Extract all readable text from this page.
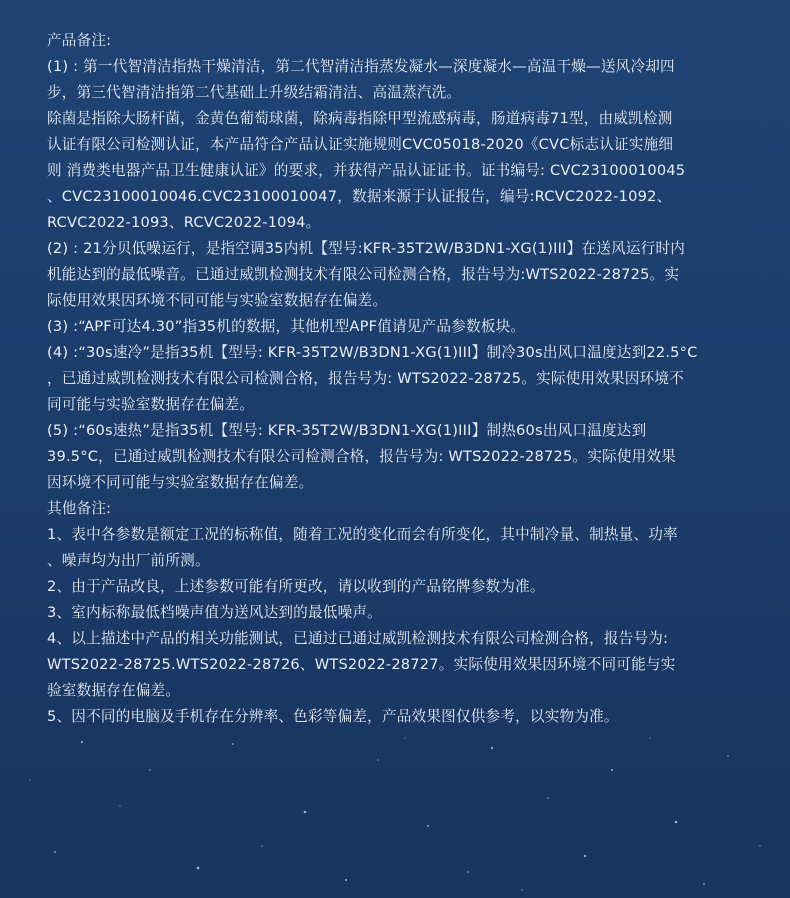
产品备注:

(1) : 第一代智清洁指热干燥清洁，第二代智清洁指蒸发凝水—深度凝水—高温干燥—送风冷却四
步，第三代智清洁指第二代基础上升级结霜清洁、高温蒸汽洗。

除菌是指除大肠杆菌，金黄色葡萄球菌，除病毒指除甲型流感病毒，肠道病毒71型，由威凯检测
认证有限公司检测认证，本产品符合产品认证实施规则CVC05018-2020《CVC标志认证实施细
则 消费类电器产品卫生健康认证》的要求，并获得产品认证证书。证书编号: CVC23100010045
、CVC23100010046.CVC23100010047，数据来源于认证报告，编号:RCVC2022-1092、
RCVC2022-1093、RCVC2022-1094。

(2) : 21分贝低噪运行，是指空调35内机【型号:KFR-35T2W/B3DN1-XG(1)III】在送风运行时内
机能达到的最低噪音。已通过威凯检测技术有限公司检测合格，报告号为:WTS2022-28725。实
际使用效果因环境不同可能与实验室数据存在偏差。

(3) :“APF可达4.30”指35机的数据，其他机型APF值请见产品参数板块。

(4) :“30s速冷”是指35机【型号: KFR-35T2W/B3DN1-XG(1)III】制冷30s出风口温度达到22.5°C
，已通过威凯检测技术有限公司检测合格，报告号为: WTS2022-28725。实际使用效果因环境不
同可能与实验室数据存在偏差。

(5) :“60s速热”是指35机【型号: KFR-35T2W/B3DN1-XG(1)III】制热60s出风口温度达到
39.5°C，已通过威凯检测技术有限公司检测合格，报告号为: WTS2022-28725。实际使用效果
因环境不同可能与实验室数据存在偏差。

其他备注:

1、表中各参数是额定工况的标称值，随着工况的变化而会有所变化，其中制冷量、制热量、功率
、噪声均为出厂前所测。

2、由于产品改良，上述参数可能有所更改，请以收到的产品铭牌参数为准。

3、室内标称最低档噪声值为送风达到的最低噪声。

4、以上描述中产品的相关功能测试，已通过已通过威凯检测技术有限公司检测合格，报告号为:
WTS2022-28725.WTS2022-28726、WTS2022-28727。实际使用效果因环境不同可能与实
验室数据存在偏差。

5、因不同的电脑及手机存在分辨率、色彩等偏差，产品效果图仅供参考，以实物为准。
